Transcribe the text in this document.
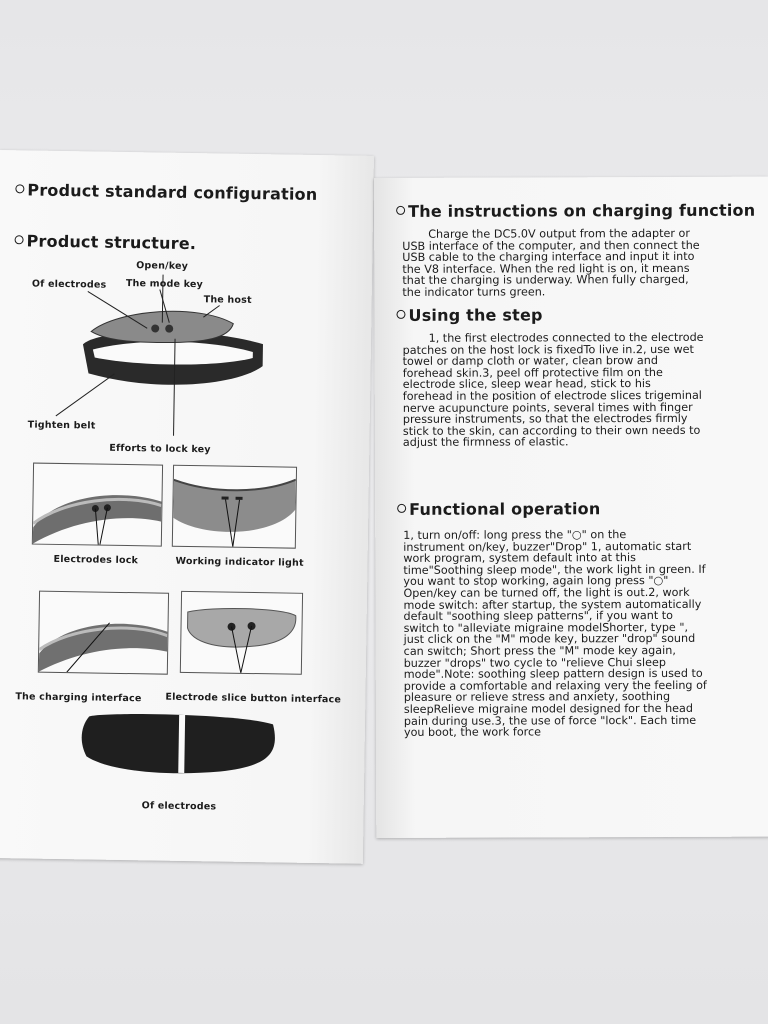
Product standard configuration
Product structure.
Open/key
Of electrodes The mode key
The host
Tighten belt
Efforts to lock key
Electrodes lock	Working indicator light
The charging interface Electrode slice button interface
Of electrodes
The instructions on charging function
Charge the DC5.0V output from the adapter or
USB interface of the computer, and then connect the
USB cable to the charging interface and input it into
the V8 interface. When the red light is on, it means
that the charging is underway. When fully charged,
the indicator turns green.
Using the step
1, the first electrodes connected to the electrode
patches on the host lock is fixedTo live in.2, use wet
towel or damp cloth or water, clean brow and
forehead skin.3, peel off protective film on the
electrode slice, sleep wear head, stick to his
forehead in the position of electrode slices trigeminal
nerve acupuncture points, several times with finger
pressure instruments, so that the electrodes firmly
stick to the skin, can according to their own needs to
adjust the firmness of elastic.
Functional operation
1, turn on/off: long press the "○" on the
instrument on/key, buzzer"Drop" 1, automatic start
work program, system default into at this
time"Soothing sleep mode", the work light in green. If
you want to stop working, again long press "○"
Open/key can be turned off, the light is out.2, work
mode switch: after startup, the system automatically
default "soothing sleep patterns", if you want to
switch to "alleviate migraine modelShorter, type ",
just click on the "M" mode key, buzzer "drop" sound
can switch; Short press the "M" mode key again,
buzzer "drops" two cycle to "relieve Chui sleep
mode".Note: soothing sleep pattern design is used to
provide a comfortable and relaxing very the feeling of
pleasure or relieve stress and anxiety, soothing
sleepRelieve migraine model designed for the head
pain during use.3, the use of force "lock". Each time
you boot, the work force
